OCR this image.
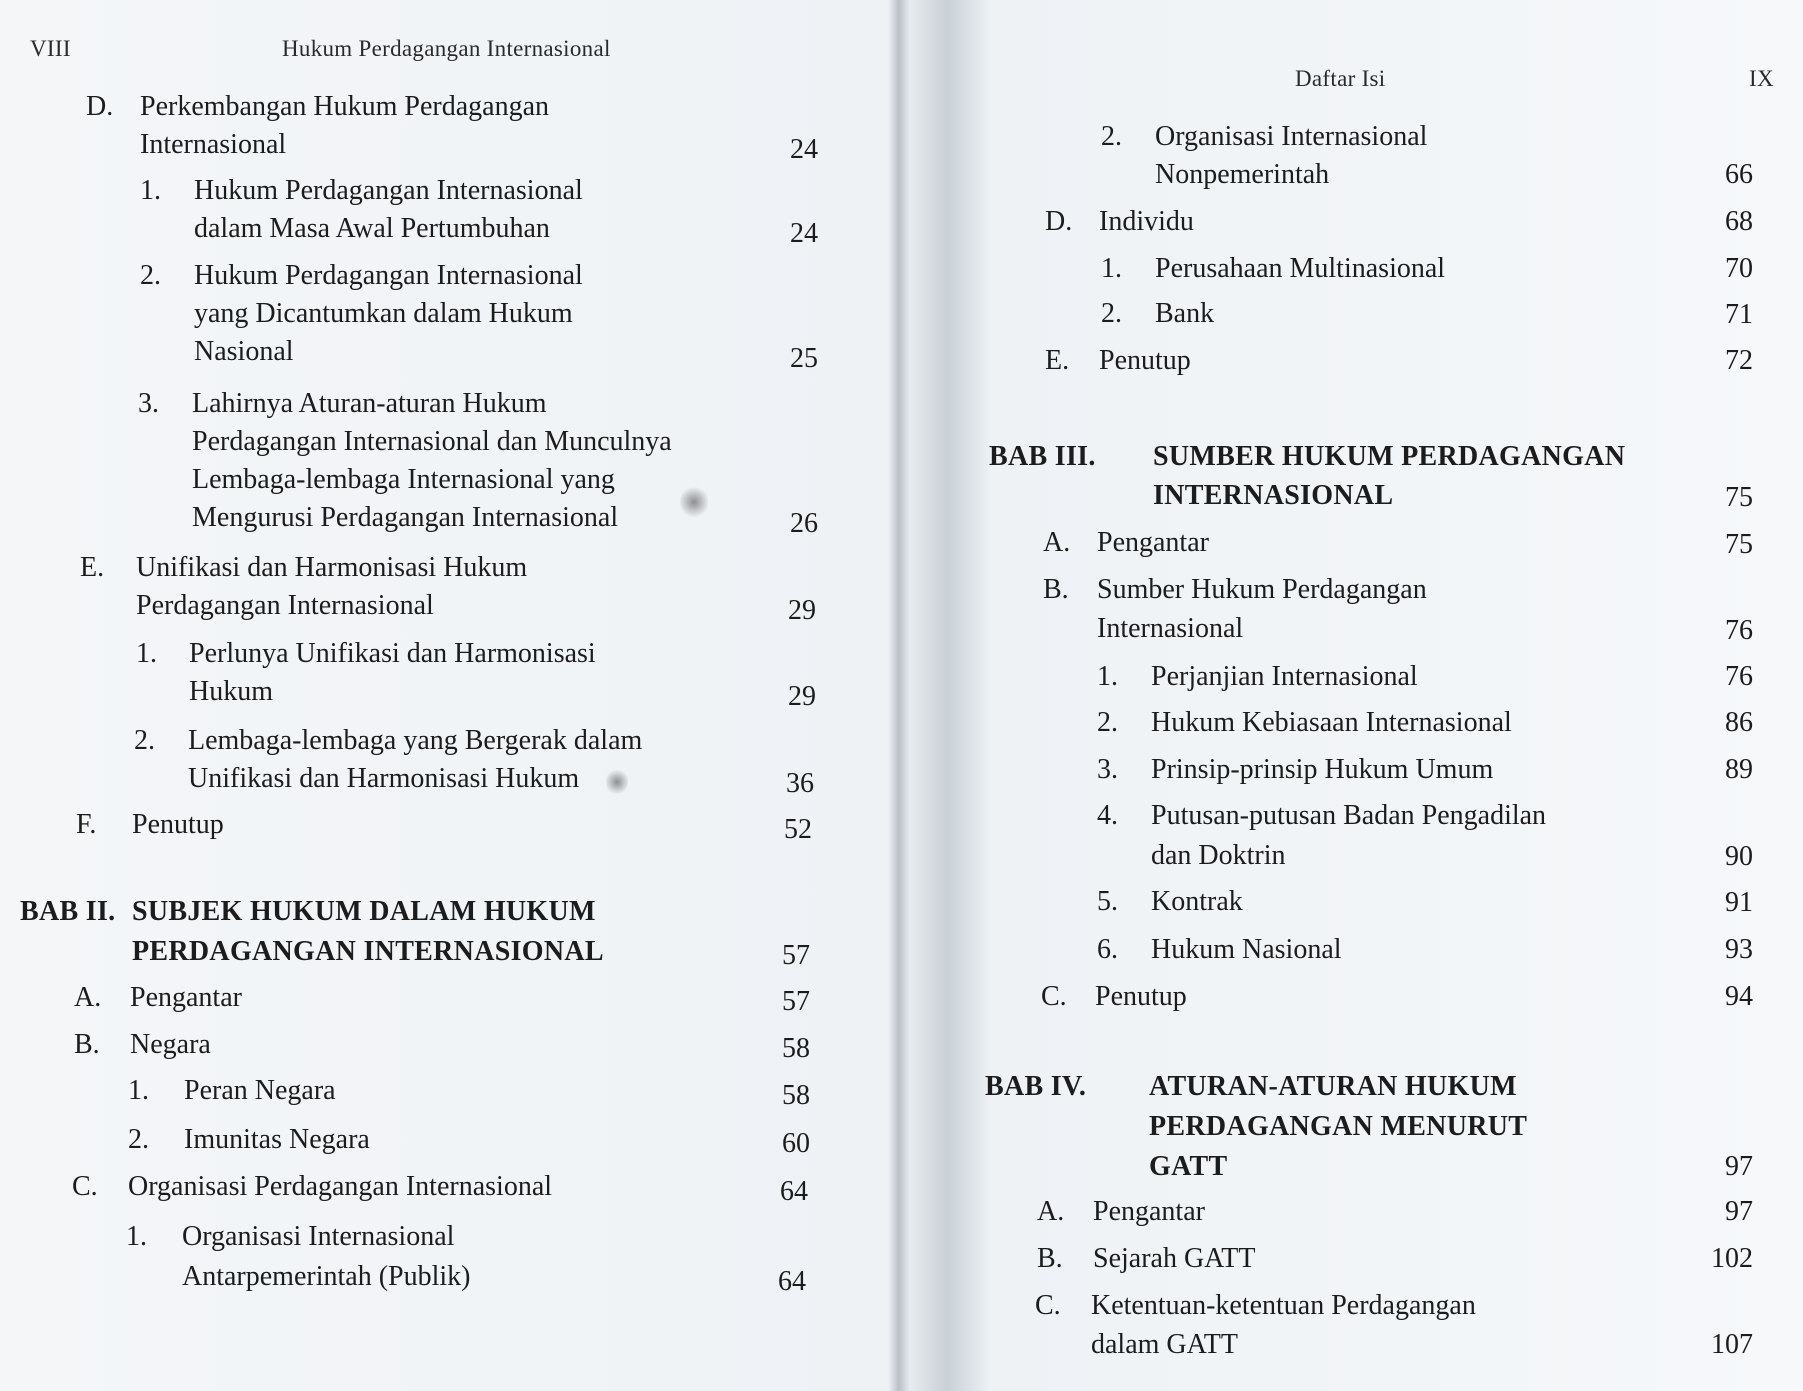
VIII	Hukum Perdagangan Internasional
D. Perkembangan Hukum Perdagangan
Internasional	24
1. Hukum Perdagangan Internasional
dalam Masa Awal Pertumbuhan	24
2. Hukum Perdagangan Internasional
yang Dicantumkan dalam Hukum
Nasional	25
3. Lahirnya Aturan-aturan Hukum
Perdagangan Internasional dan Munculnya
Lembaga-lembaga Internasional yang
Mengurusi Perdagangan Internasional	26
E. Unifikasi dan Harmonisasi Hukum
Perdagangan Internasional	29
1. Perlunya Unifikasi dan Harmonisasi
Hukum	29
2. Lembaga-lembaga yang Bergerak dalam
Unifikasi dan Harmonisasi Hukum	36
F. Penutup	52
BAB II. SUBJEK HUKUM DALAM HUKUM
PERDAGANGAN INTERNASIONAL	57
A. Pengantar	57
B. Negara	58
1. Peran Negara	58
2. Imunitas Negara	60
C. Organisasi Perdagangan Internasional	64
1. Organisasi Internasional
Antarpemerintah (Publik)	64
Daftar Isi	IX
2. Organisasi Internasional
Nonpemerintah	66
D. Individu	68
1. Perusahaan Multinasional	70
2. Bank	71
E. Penutup	72
BAB III. SUMBER HUKUM PERDAGANGAN
INTERNASIONAL	75
A. Pengantar	75
B. Sumber Hukum Perdagangan
Internasional	76
1. Perjanjian Internasional	76
2. Hukum Kebiasaan Internasional	86
3. Prinsip-prinsip Hukum Umum	89
4. Putusan-putusan Badan Pengadilan
dan Doktrin	90
5. Kontrak	91
6. Hukum Nasional	93
C. Penutup	94
BAB IV. ATURAN-ATURAN HUKUM
PERDAGANGAN MENURUT
GATT	97
A. Pengantar	97
B. Sejarah GATT	102
C. Ketentuan-ketentuan Perdagangan
dalam GATT	107
